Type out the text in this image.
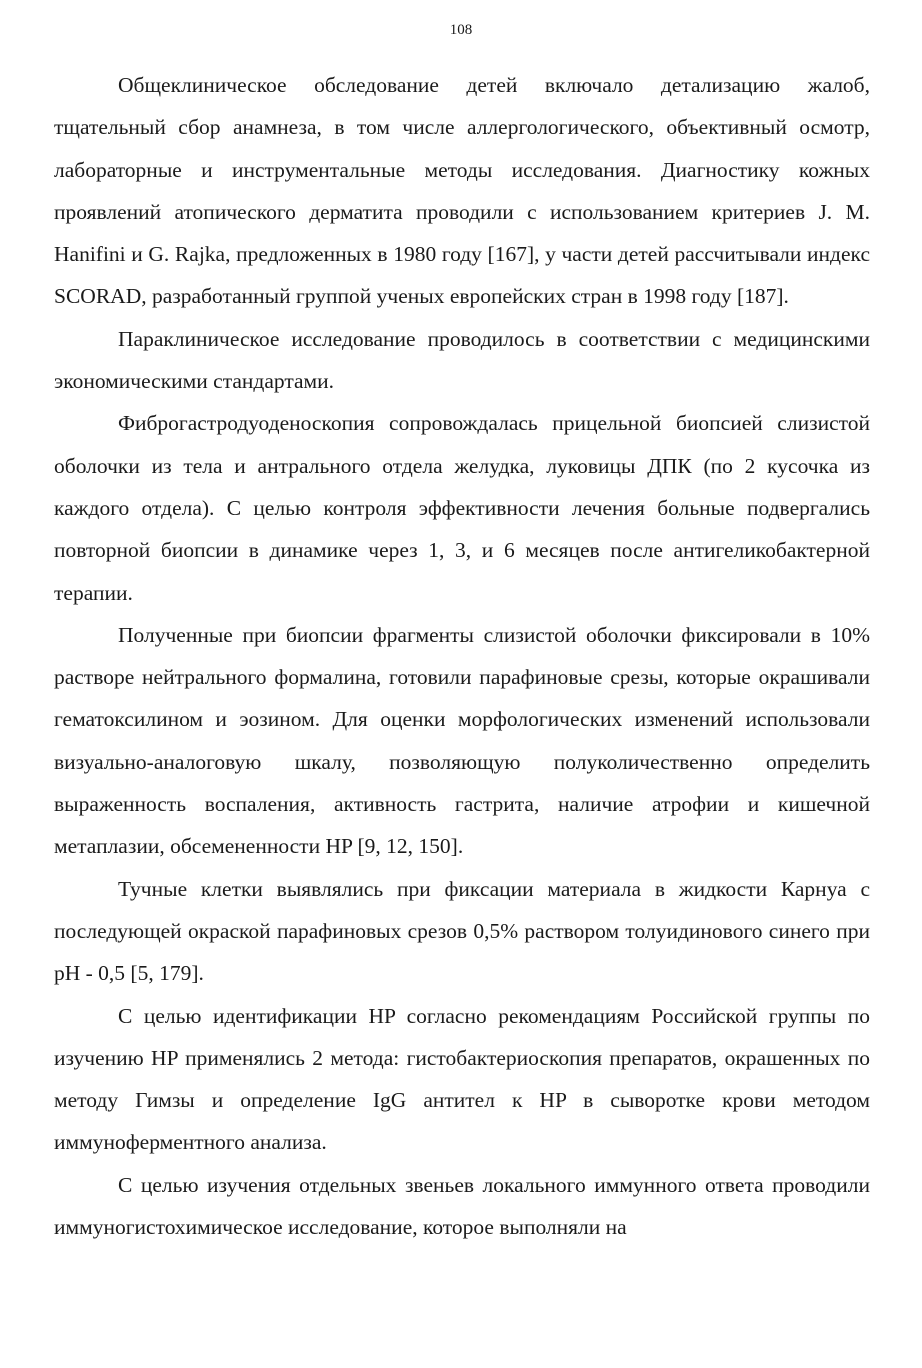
108

Общеклиническое обследование детей включало детализацию жалоб, тщательный сбор анамнеза, в том числе аллергологического, объективный осмотр, лабораторные и инструментальные методы исследования. Диагностику кожных проявлений атопического дерматита проводили с использованием критериев J. M. Hanifini и G. Rajka, предложенных в 1980 году [167], у части детей рассчитывали индекс SCORAD, разработанный группой ученых европейских стран в 1998 году [187].

Параклиническое исследование проводилось в соответствии с медицинскими экономическими стандартами.

Фиброгастродуоденоскопия сопровождалась прицельной биопсией слизистой оболочки из тела и антрального отдела желудка, луковицы ДПК (по 2 кусочка из каждого отдела). С целью контроля эффективности лечения больные подвергались повторной биопсии в динамике через 1, 3, и 6 месяцев после антигеликобактерной терапии.

Полученные при биопсии фрагменты слизистой оболочки фиксировали в 10% растворе нейтрального формалина, готовили парафиновые срезы, которые окрашивали гематоксилином и эозином. Для оценки морфологических изменений использовали визуально-аналоговую шкалу, позволяющую полуколичественно определить выраженность воспаления, активность гастрита, наличие атрофии и кишечной метаплазии, обсемененности HP [9, 12, 150].

Тучные клетки выявлялись при фиксации материала в жидкости Карнуа с последующей окраской парафиновых срезов 0,5% раствором толуидинового синего при pH - 0,5 [5, 179].

С целью идентификации HP согласно рекомендациям Российской группы по изучению HP применялись 2 метода: гистобактериоскопия препаратов, окрашенных по методу Гимзы и определение IgG антител к HP в сыворотке крови методом иммуноферментного анализа.

С целью изучения отдельных звеньев локального иммунного ответа проводили иммуногистохимическое исследование, которое выполняли на
